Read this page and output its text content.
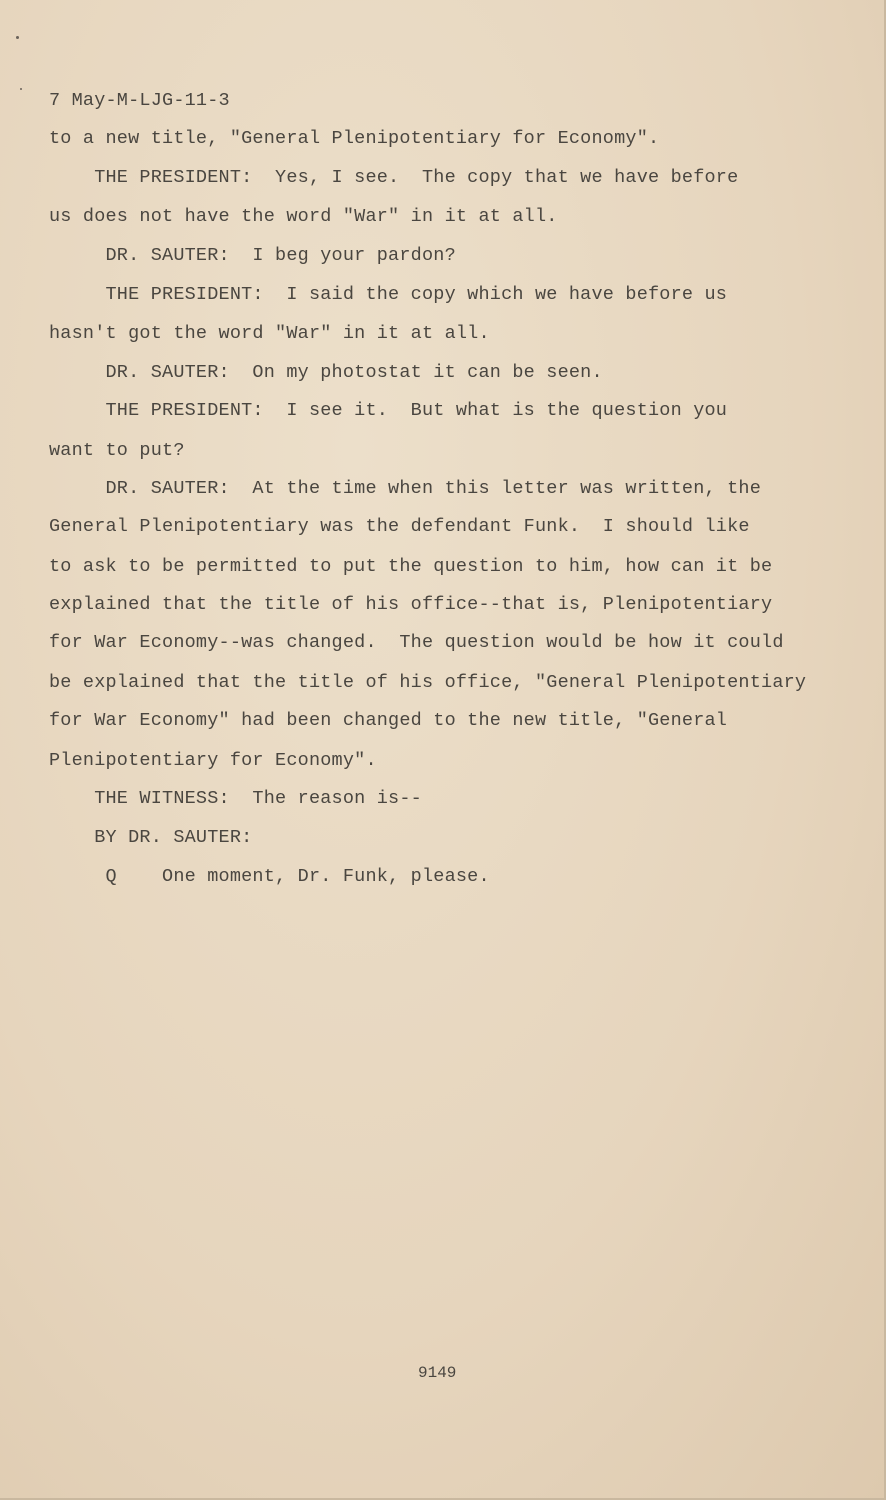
7 May-M-LJG-11-3
to a new title, "General Plenipotentiary for Economy".
THE PRESIDENT:  Yes, I see.  The copy that we have before
us does not have the word "War" in it at all.
DR. SAUTER:  I beg your pardon?
THE PRESIDENT:  I said the copy which we have before us
hasn't got the word "War" in it at all.
DR. SAUTER:  On my photostat it can be seen.
THE PRESIDENT:  I see it.  But what is the question you
want to put?
DR. SAUTER:  At the time when this letter was written, the
General Plenipotentiary was the defendant Funk.  I should like
to ask to be permitted to put the question to him, how can it be
explained that the title of his office--that is, Plenipotentiary
for War Economy--was changed.  The question would be how it could
be explained that the title of his office, "General Plenipotentiary
for War Economy" had been changed to the new title, "General
Plenipotentiary for Economy".
THE WITNESS:  The reason is--
BY DR. SAUTER:
Q    One moment, Dr. Funk, please.
9149
